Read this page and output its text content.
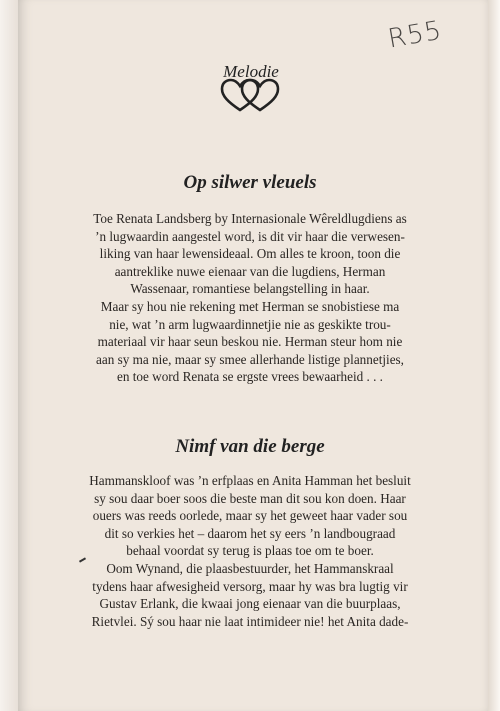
R55
Melodie
Op silwer vleuels

Toe Renata Landsberg by Internasionale Wêreldlugdiens as

’n lugwaardin aangestel word, is dit vir haar die verwesen-

liking van haar lewensideaal. Om alles te kroon, toon die

aantreklike nuwe eienaar van die lugdiens, Herman

Wassenaar, romantiese belangstelling in haar.

Maar sy hou nie rekening met Herman se snobistiese ma

nie, wat ’n arm lugwaardinnetjie nie as geskikte trou-

materiaal vir haar seun beskou nie. Herman steur hom nie

aan sy ma nie, maar sy smee allerhande listige plannetjies,

en toe word Renata se ergste vrees bewaarheid . . .

Nimf van die berge

Hammanskloof was ’n erfplaas en Anita Hamman het besluit

sy sou daar boer soos die beste man dit sou kon doen. Haar

ouers was reeds oorlede, maar sy het geweet haar vader sou

dit so verkies het – daarom het sy eers ’n landbougraad

behaal voordat sy terug is plaas toe om te boer.

Oom Wynand, die plaasbestuurder, het Hammanskraal

tydens haar afwesigheid versorg, maar hy was bra lugtig vir

Gustav Erlank, die kwaai jong eienaar van die buurplaas,

Rietvlei. Sý sou haar nie laat intimideer nie! het Anita dade-
